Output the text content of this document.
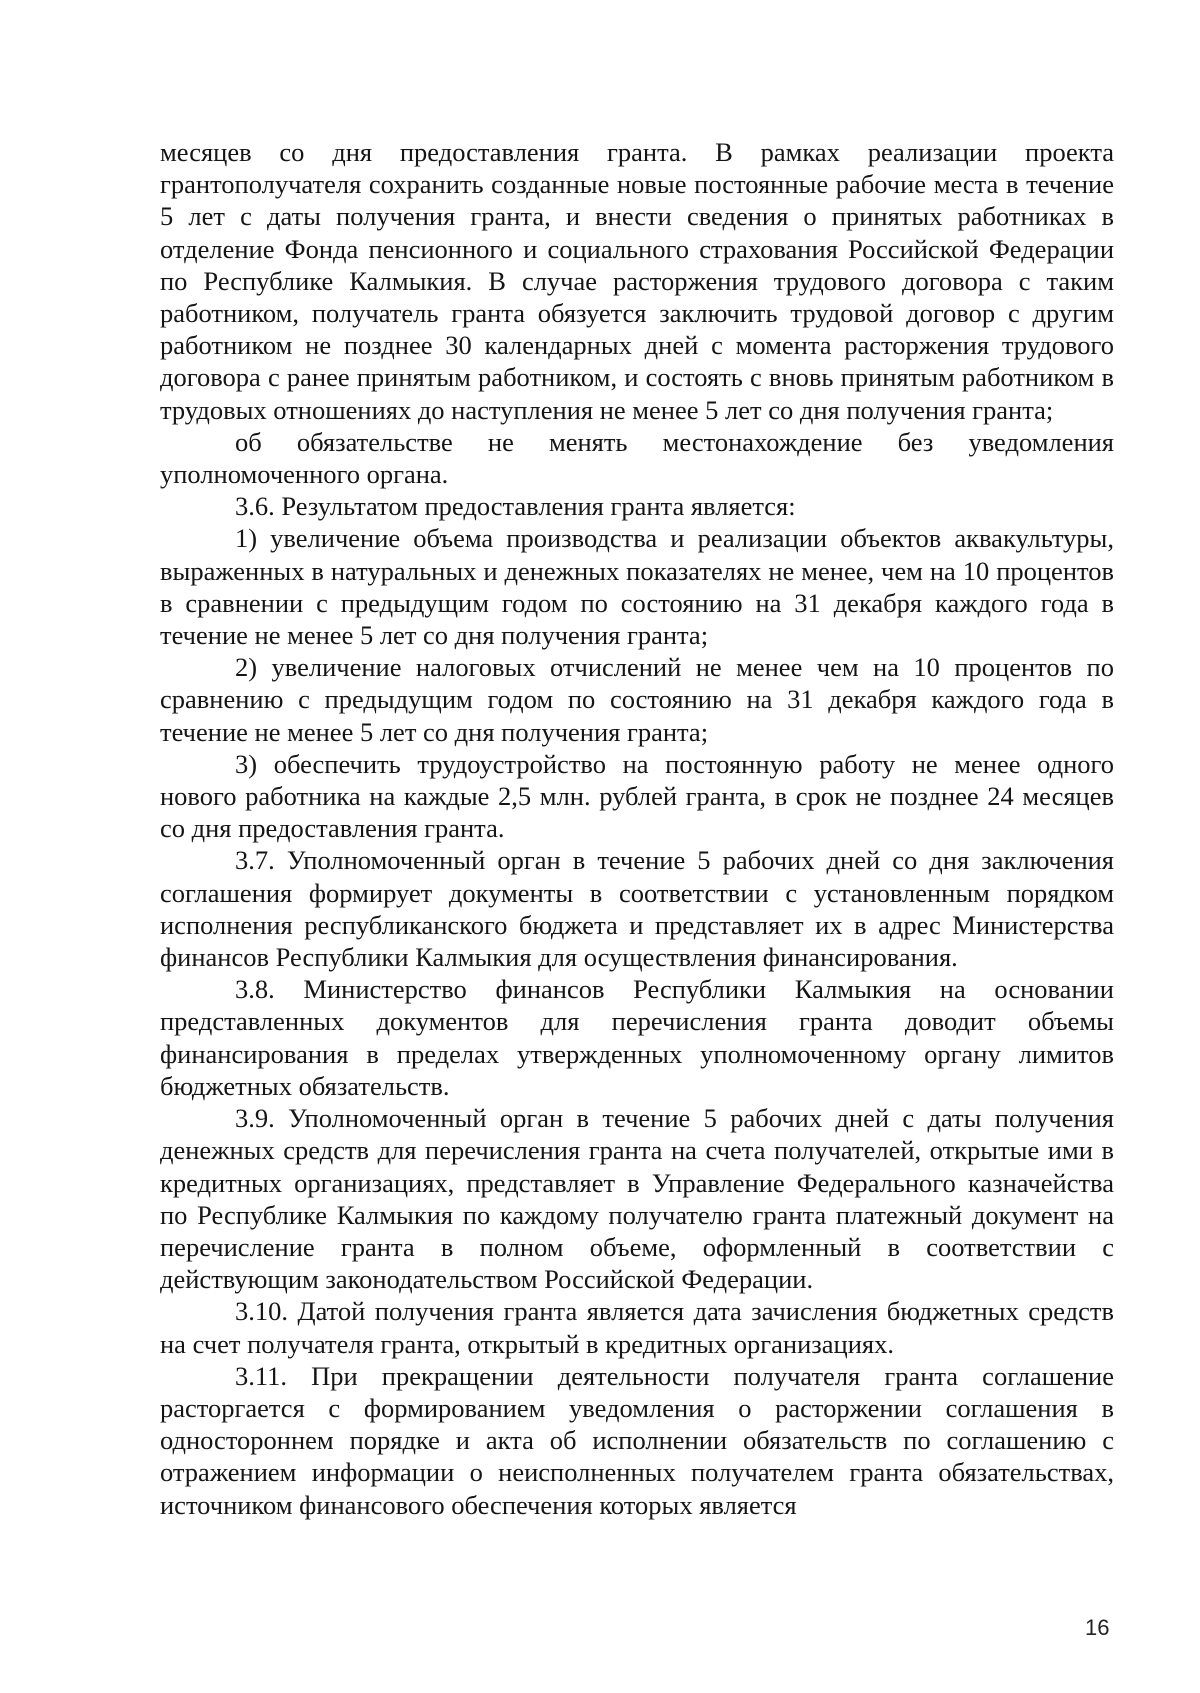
месяцев со дня предоставления гранта. В рамках реализации проекта грантополучателя сохранить созданные новые постоянные рабочие места в течение 5 лет с даты получения гранта, и внести сведения о принятых работниках в отделение Фонда пенсионного и социального страхования Российской Федерации по Республике Калмыкия. В случае расторжения трудового договора с таким работником, получатель гранта обязуется заключить трудовой договор с другим работником не позднее 30 календарных дней с момента расторжения трудового договора с ранее принятым работником, и состоять с вновь принятым работником в трудовых отношениях до наступления не менее 5 лет со дня получения гранта;

об обязательстве не менять местонахождение без уведомления уполномоченного органа.

3.6. Результатом предоставления гранта является:

1) увеличение объема производства и реализации объектов аквакультуры, выраженных в натуральных и денежных показателях не менее, чем на 10 процентов в сравнении с предыдущим годом по состоянию на 31 декабря каждого года в течение не менее 5 лет со дня получения гранта;

2) увеличение налоговых отчислений не менее чем на 10 процентов по сравнению с предыдущим годом по состоянию на 31 декабря каждого года в течение не менее 5 лет со дня получения гранта;

3) обеспечить трудоустройство на постоянную работу не менее одного нового работника на каждые 2,5 млн. рублей гранта, в срок не позднее 24 месяцев со дня предоставления гранта.

3.7. Уполномоченный орган в течение 5 рабочих дней со дня заключения соглашения формирует документы в соответствии с установленным порядком исполнения республиканского бюджета и представляет их в адрес Министерства финансов Республики Калмыкия для осуществления финансирования.

3.8. Министерство финансов Республики Калмыкия на основании представленных документов для перечисления гранта доводит объемы финансирования в пределах утвержденных уполномоченному органу лимитов бюджетных обязательств.

3.9. Уполномоченный орган в течение 5 рабочих дней с даты получения денежных средств для перечисления гранта на счета получателей, открытые ими в кредитных организациях, представляет в Управление Федерального казначейства по Республике Калмыкия по каждому получателю гранта платежный документ на перечисление гранта в полном объеме, оформленный в соответствии с действующим законодательством Российской Федерации.

3.10. Датой получения гранта является дата зачисления бюджетных средств на счет получателя гранта, открытый в кредитных организациях.

3.11. При прекращении деятельности получателя гранта соглашение расторгается с формированием уведомления о расторжении соглашения в одностороннем порядке и акта об исполнении обязательств по соглашению с отражением информации о неисполненных получателем гранта обязательствах, источником финансового обеспечения которых является

16
